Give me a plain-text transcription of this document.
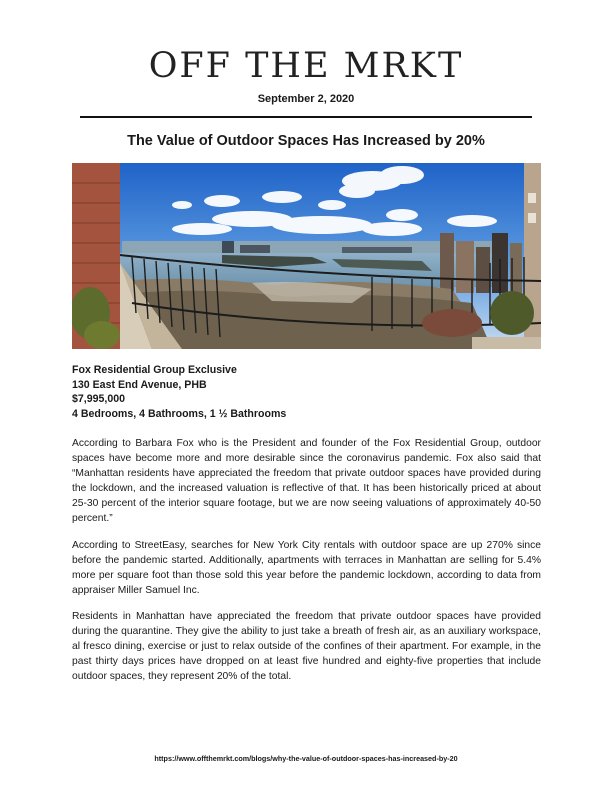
OFF THE MRKT
September 2, 2020
The Value of Outdoor Spaces Has Increased by 20%
Fox Residential Group Exclusive
130 East End Avenue, PHB
$7,995,000
4 Bedrooms, 4 Bathrooms, 1 ½ Bathrooms

According to Barbara Fox who is the President and founder of the Fox Residential Group, outdoor spaces have become more and more desirable since the coronavirus pandemic. Fox also said that “Manhattan residents have appreciated the freedom that private outdoor spaces have provided during the lockdown, and the increased valuation is reflective of that. It has been historically priced at about 25-30 percent of the interior square footage, but we are now seeing valuations of approximately 40-50 percent.”

According to StreetEasy, searches for New York City rentals with outdoor space are up 270% since before the pandemic started. Additionally, apartments with terraces in Manhattan are selling for 5.4% more per square foot than those sold this year before the pandemic lockdown, according to data from appraiser Miller Samuel Inc.

Residents in Manhattan have appreciated the freedom that private outdoor spaces have provided during the quarantine. They give the ability to just take a breath of fresh air, as an auxiliary workspace, al fresco dining, exercise or just to relax outside of the confines of their apartment. For example, in the past thirty days prices have dropped on at least five hundred and eighty-five properties that include outdoor spaces, they represent 20% of the total.

https://www.offthemrkt.com/blogs/why-the-value-of-outdoor-spaces-has-increased-by-20
